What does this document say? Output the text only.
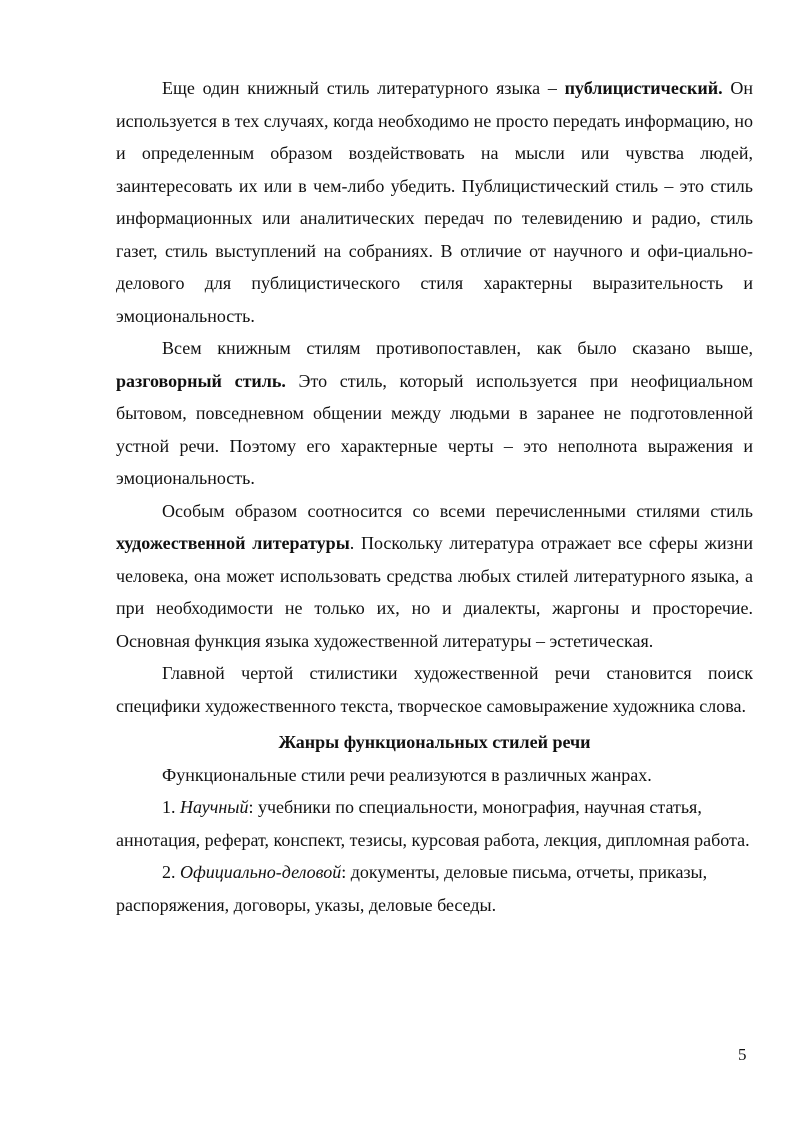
Еще один книжный стиль литературного языка – публицистический. Он используется в тех случаях, когда необходимо не просто передать информацию, но и определенным образом воздействовать на мысли или чувства людей, заинтересовать их или в чем-либо убедить. Публицистический стиль – это стиль информационных или аналитических передач по телевидению и радио, стиль газет, стиль выступлений на собраниях. В отличие от научного и офи-циально-делового для публицистического стиля характерны выразительность и эмоциональность.

Всем книжным стилям противопоставлен, как было сказано выше, разговорный стиль. Это стиль, который используется при неофициальном бытовом, повседневном общении между людьми в заранее не подготовленной устной речи. Поэтому его характерные черты – это неполнота выражения и эмоциональность.

Особым образом соотносится со всеми перечисленными стилями стиль художественной литературы. Поскольку литература отражает все сферы жизни человека, она может использовать средства любых стилей литературного языка, а при необходимости не только их, но и диалекты, жаргоны и просторечие. Основная функция языка художественной литературы – эстетическая.

Главной чертой стилистики художественной речи становится поиск специфики художественного текста, творческое самовыражение художника слова.

Жанры функциональных стилей речи

Функциональные стили речи реализуются в различных жанрах.

1. Научный: учебники по специальности, монография, научная статья, аннотация, реферат, конспект, тезисы, курсовая работа, лекция, дипломная работа.

2. Официально-деловой: документы, деловые письма, отчеты, приказы, распоряжения, договоры, указы, деловые беседы.

5
